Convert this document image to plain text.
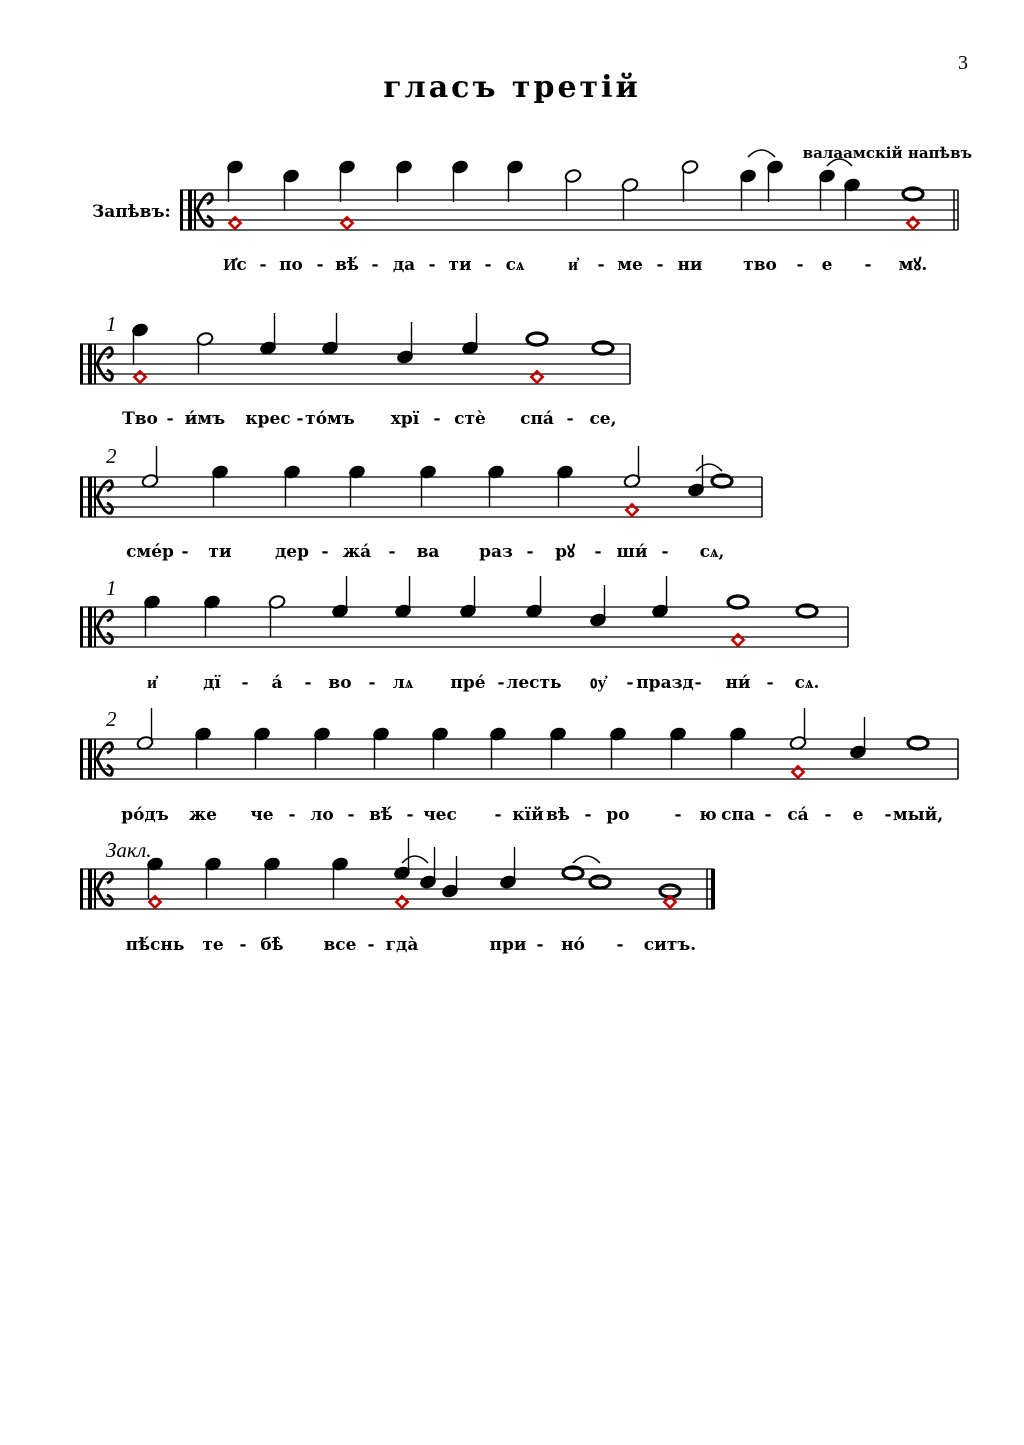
3
гласъ третiй
валаамскiй напѣвъ
Запѣвъ:
И҆с - по - вѣ́ - да - ти - сѧ	и҆ - ме - ни тво - е - мꙋ.
1
Тво - и́мъ крес - то́мъ хрї - стѐ спа́ - се,
2
смéр - ти	дер - жа́ - ва раз - рꙋ - ши́ - сѧ,
1
и҆	дї - а́ - во - лѧ пре́ - лесть ᲂу҆ - празд - ни́ - сѧ.
2
ро́дъ же че - ло - вѣ́ - чес - кїй вѣ - ро	- ю спа - са́ - е - мый,
Закл.
пѣ́снь те - бѣ̀ все - гда̀	при - но́ - ситъ.
